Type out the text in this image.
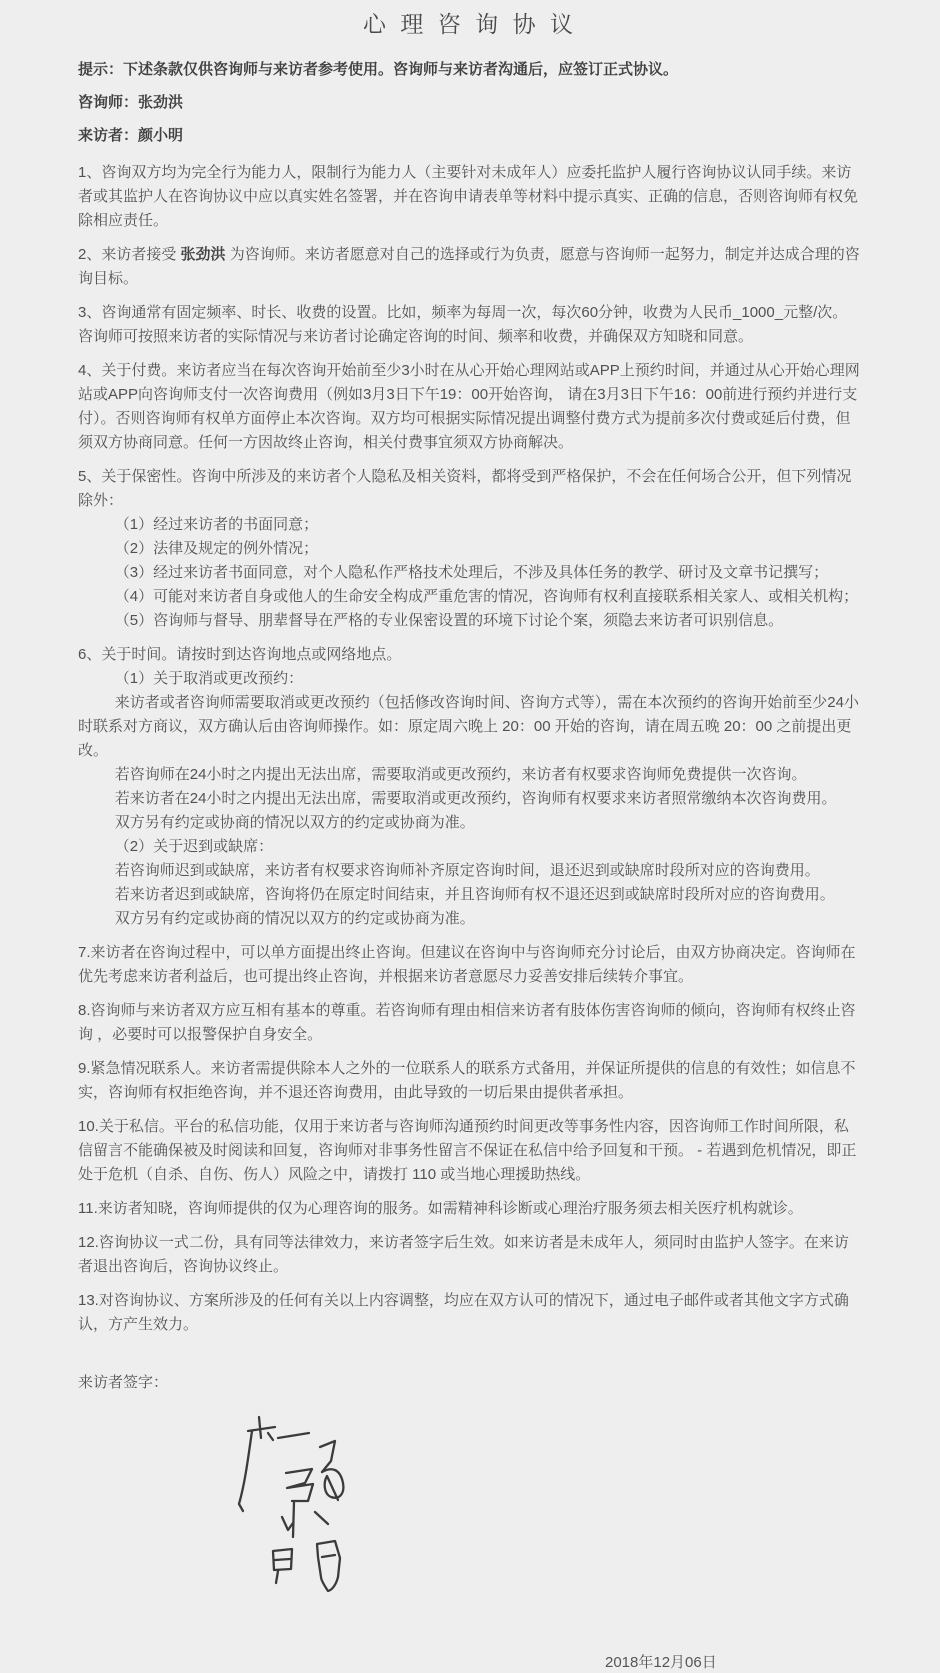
心 理 咨 询 协 议

提示：下述条款仅供咨询师与来访者参考使用。咨询师与来访者沟通后，应签订正式协议。

咨询师：张劲洪

来访者：颜小明

1、咨询双方均为完全行为能力人，限制行为能力人（主要针对未成年人）应委托监护人履行咨询协议认同手续。来访者或其监护人在咨询协议中应以真实姓名签署，并在咨询申请表单等材料中提示真实、正确的信息，否则咨询师有权免除相应责任。

2、来访者接受 张劲洪 为咨询师。来访者愿意对自己的选择或行为负责，愿意与咨询师一起努力，制定并达成合理的咨询目标。

3、咨询通常有固定频率、时长、收费的设置。比如，频率为每周一次，每次60分钟，收费为人民币_1000_元整/次。咨询师可按照来访者的实际情况与来访者讨论确定咨询的时间、频率和收费，并确保双方知晓和同意。

4、关于付费。来访者应当在每次咨询开始前至少3小时在从心开始心理网站或APP上预约时间，并通过从心开始心理网站或APP向咨询师支付一次咨询费用（例如3月3日下午19：00开始咨询， 请在3月3日下午16：00前进行预约并进行支付）。否则咨询师有权单方面停止本次咨询。双方均可根据实际情况提出调整付费方式为提前多次付费或延后付费，但须双方协商同意。任何一方因故终止咨询，相关付费事宜须双方协商解决。

5、关于保密性。咨询中所涉及的来访者个人隐私及相关资料，都将受到严格保护，不会在任何场合公开，但下列情况除外：

（1）经过来访者的书面同意；

（2）法律及规定的例外情况；

（3）经过来访者书面同意，对个人隐私作严格技术处理后，不涉及具体任务的教学、研讨及文章书记撰写；

（4）可能对来访者自身或他人的生命安全构成严重危害的情况，咨询师有权利直接联系相关家人、或相关机构；

（5）咨询师与督导、朋辈督导在严格的专业保密设置的环境下讨论个案，须隐去来访者可识别信息。

6、关于时间。请按时到达咨询地点或网络地点。

（1）关于取消或更改预约：

来访者或者咨询师需要取消或更改预约（包括修改咨询时间、咨询方式等），需在本次预约的咨询开始前至少24小时联系对方商议，双方确认后由咨询师操作。如：原定周六晚上 20：00 开始的咨询，请在周五晚 20：00 之前提出更改。

若咨询师在24小时之内提出无法出席，需要取消或更改预约，来访者有权要求咨询师免费提供一次咨询。

若来访者在24小时之内提出无法出席，需要取消或更改预约，咨询师有权要求来访者照常缴纳本次咨询费用。

双方另有约定或协商的情况以双方的约定或协商为准。

（2）关于迟到或缺席：

若咨询师迟到或缺席，来访者有权要求咨询师补齐原定咨询时间，退还迟到或缺席时段所对应的咨询费用。

若来访者迟到或缺席，咨询将仍在原定时间结束，并且咨询师有权不退还迟到或缺席时段所对应的咨询费用。

双方另有约定或协商的情况以双方的约定或协商为准。

7.来访者在咨询过程中，可以单方面提出终止咨询。但建议在咨询中与咨询师充分讨论后，由双方协商决定。咨询师在优先考虑来访者利益后，也可提出终止咨询，并根据来访者意愿尽力妥善安排后续转介事宜。

8.咨询师与来访者双方应互相有基本的尊重。若咨询师有理由相信来访者有肢体伤害咨询师的倾向，咨询师有权终止咨询 ，必要时可以报警保护自身安全。

9.紧急情况联系人。来访者需提供除本人之外的一位联系人的联系方式备用，并保证所提供的信息的有效性；如信息不实，咨询师有权拒绝咨询，并不退还咨询费用，由此导致的一切后果由提供者承担。

10.关于私信。平台的私信功能，仅用于来访者与咨询师沟通预约时间更改等事务性内容，因咨询师工作时间所限，私信留言不能确保被及时阅读和回复，咨询师对非事务性留言不保证在私信中给予回复和干预。 - 若遇到危机情况，即正处于危机（自杀、自伤、伤人）风险之中，请拨打 110 或当地心理援助热线。

11.来访者知晓，咨询师提供的仅为心理咨询的服务。如需精神科诊断或心理治疗服务须去相关医疗机构就诊。

12.咨询协议一式二份，具有同等法律效力，来访者签字后生效。如来访者是未成年人，须同时由监护人签字。在来访者退出咨询后，咨询协议终止。

13.对咨询协议、方案所涉及的任何有关以上内容调整，均应在双方认可的情况下，通过电子邮件或者其他文字方式确认，方产生效力。

来访者签字：

2018年12月06日
